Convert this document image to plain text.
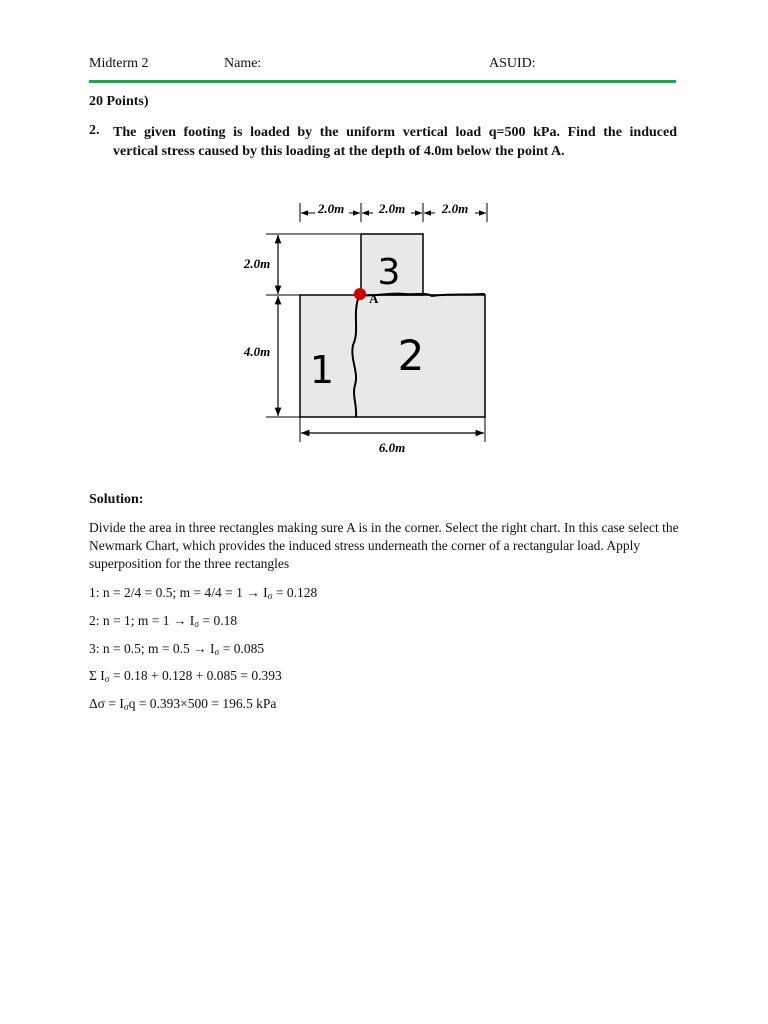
Midterm 2	Name:	ASUID:
20 Points)
2. The given footing is loaded by the uniform vertical load q=500 kPa. Find the induced
vertical stress caused by this loading at the depth of 4.0m below the point A.
2.0m	2.0m	2.0m
2.0m
4.0m
6.0m
A
1 2
3
Solution:
Divide the area in three rectangles making sure A is in the corner. Select the right chart. In this case select the Newmark Chart, which provides the induced stress underneath the corner of a rectangular load. Apply superposition for the three rectangles
1: n = 2/4 = 0.5; $m = 4/4 = 1 \to I_\sigma = 0.128$
2: n = 1; $m = 1 \to I_\sigma = 0.18$
3: n = 0.5; $m = 0.5 \to I_\sigma = 0.085$
Σ $I_\sigma = 0.18 + 0.128 + 0.085 = 0.393$
$\Delta\sigma = I_\sigma q = 0.393\times 500 = 196.5$ kPa
